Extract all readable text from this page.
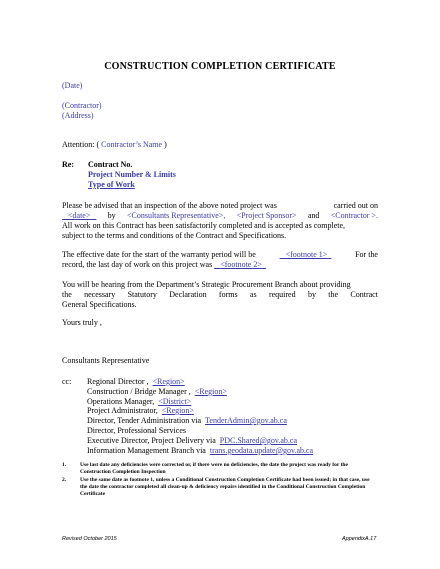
CONSTRUCTION COMPLETION CERTIFICATE
(Date)
(Contractor)
(Address)
Attention: ( Contractor’s Name )
Re: Contract No.
Project Number & Limits
Type of Work
Please be advised that an inspection of the above noted project was	carried out on
<date>	by <Consultants Representative>, <Project Sponsor> and <Contractor >.
All work on this Contract has been satisfactorily completed and is accepted as complete,
subject to the terms and conditions of the Contract and Specifications.
The effective date for the start of the warranty period will be	<footnote 1>	For the
record, the last day of work on this project was <footnote 2>
You will be hearing from the Department’s Strategic Procurement Branch about providing
the necessary Statutory Declaration forms as required by the Contract
General Specifications.
Yours truly ,
Consultants Representative
cc: Regional Director , <Region>
Construction / Bridge Manager , <Region>
Operations Manager, <District>
Project Administrator, <Region>
Director, Tender Administration via TenderAdmin@gov.ab.ca
Director, Professional Services
Executive Director, Project Delivery via PDC.Shared@gov.ab.ca
Information Management Branch via trans.geodata.update@gov.ab.ca
1.	Use last date any deficiencies were corrected or, if there were no deficiencies, the date the project was ready for the Construction Completion Inspection
2.	Use the same date as footnote 1, unless a Conditional Construction Completion Certificate had been issued; in that case, use the date the contractor completed all clean-up & deficiency repairs identified in the Conditional Construction Completion Certificate
Revised October 2015	AppendixA.17
